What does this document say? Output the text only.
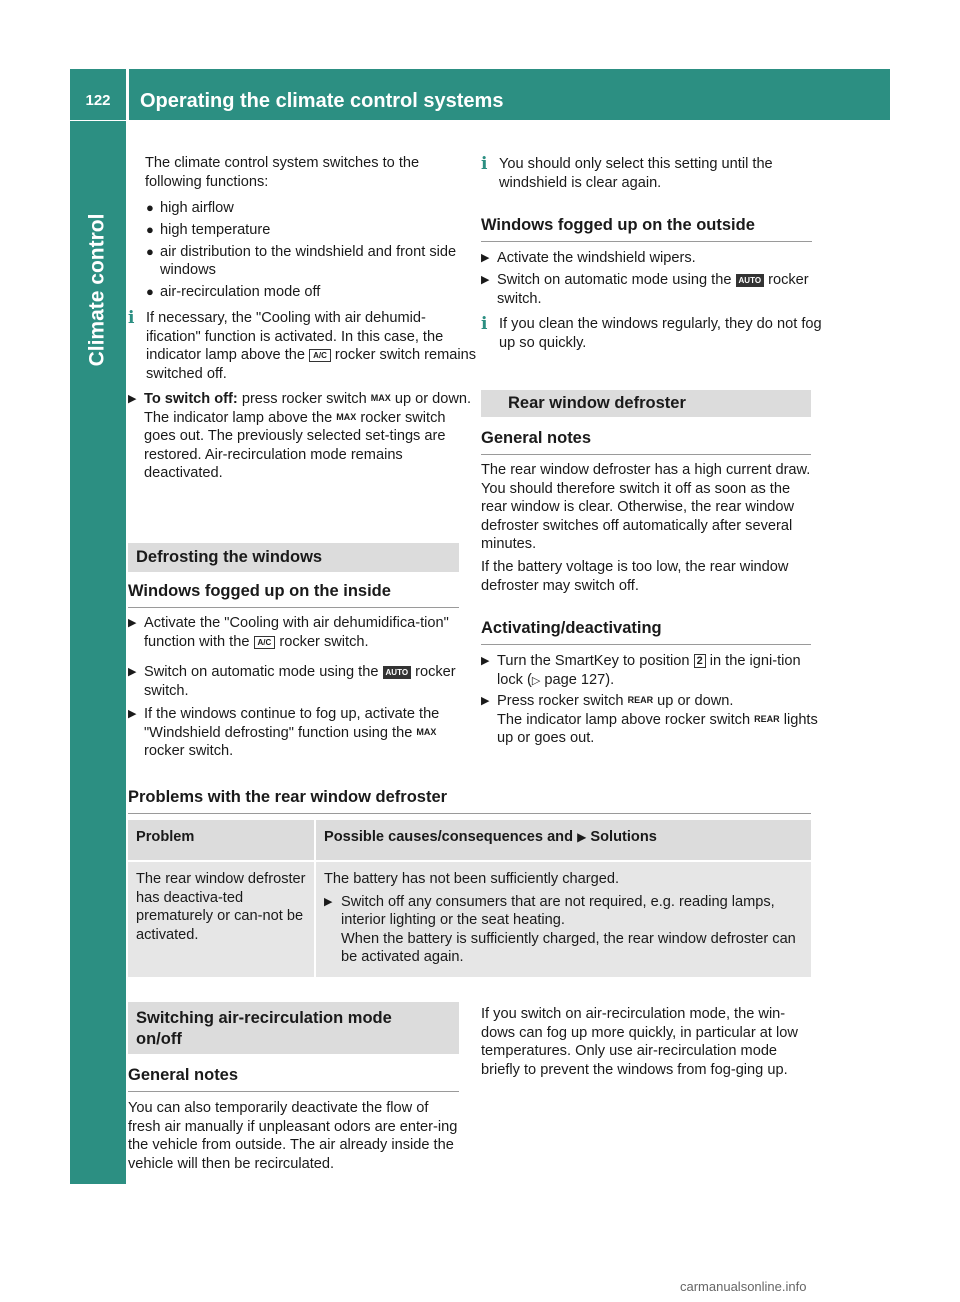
122	Operating the climate control systems
Climate control

The climate control system switches to the following functions:

● high airflow
● high temperature
● air distribution to the windshield and front side windows
● air-recirculation mode off
i If necessary, the "Cooling with air dehumid-ification" function is activated. In this case, the indicator lamp above the A/C rocker switch remains switched off.
▶ To switch off: press rocker switch MAX up or down.
The indicator lamp above the MAX rocker switch goes out. The previously selected set-tings are restored. Air-recirculation mode remains deactivated.
Defrosting the windows
Windows fogged up on the inside
▶ Activate the "Cooling with air dehumidifica-tion" function with the A/C rocker switch.
▶ Switch on automatic mode using the AUTO rocker switch.
▶ If the windows continue to fog up, activate the "Windshield defrosting" function using the MAX rocker switch.
i You should only select this setting until the windshield is clear again.
Windows fogged up on the outside
▶ Activate the windshield wipers.
▶ Switch on automatic mode using the AUTO rocker switch.
i If you clean the windows regularly, they do not fog up so quickly.
Rear window defroster
General notes

The rear window defroster has a high current draw. You should therefore switch it off as soon as the rear window is clear. Otherwise, the rear window defroster switches off automatically after several minutes.

If the battery voltage is too low, the rear window defroster may switch off.

Activating/deactivating
▶ Turn the SmartKey to position 2 in the igni-tion lock (▷ page 127).
▶ Press rocker switch REAR up or down.
The indicator lamp above rocker switch REAR lights up or goes out.
Problems with the rear window defroster
Problem	Possible causes/consequences and ▶ Solutions
The rear window defroster has deactiva-ted prematurely or can-not be activated.	The battery has not been sufficiently charged.
▶ Switch off any consumers that are not required, e.g. reading lamps, interior lighting or the seat heating.
When the battery is sufficiently charged, the rear window defroster can be activated again.
Switching air-recirculation mode
on/off
General notes

You can also temporarily deactivate the flow of fresh air manually if unpleasant odors are enter-ing the vehicle from outside. The air already inside the vehicle will then be recirculated.

If you switch on air-recirculation mode, the win-dows can fog up more quickly, in particular at low temperatures. Only use air-recirculation mode briefly to prevent the windows from fog-ging up.

carmanualsonline.info
